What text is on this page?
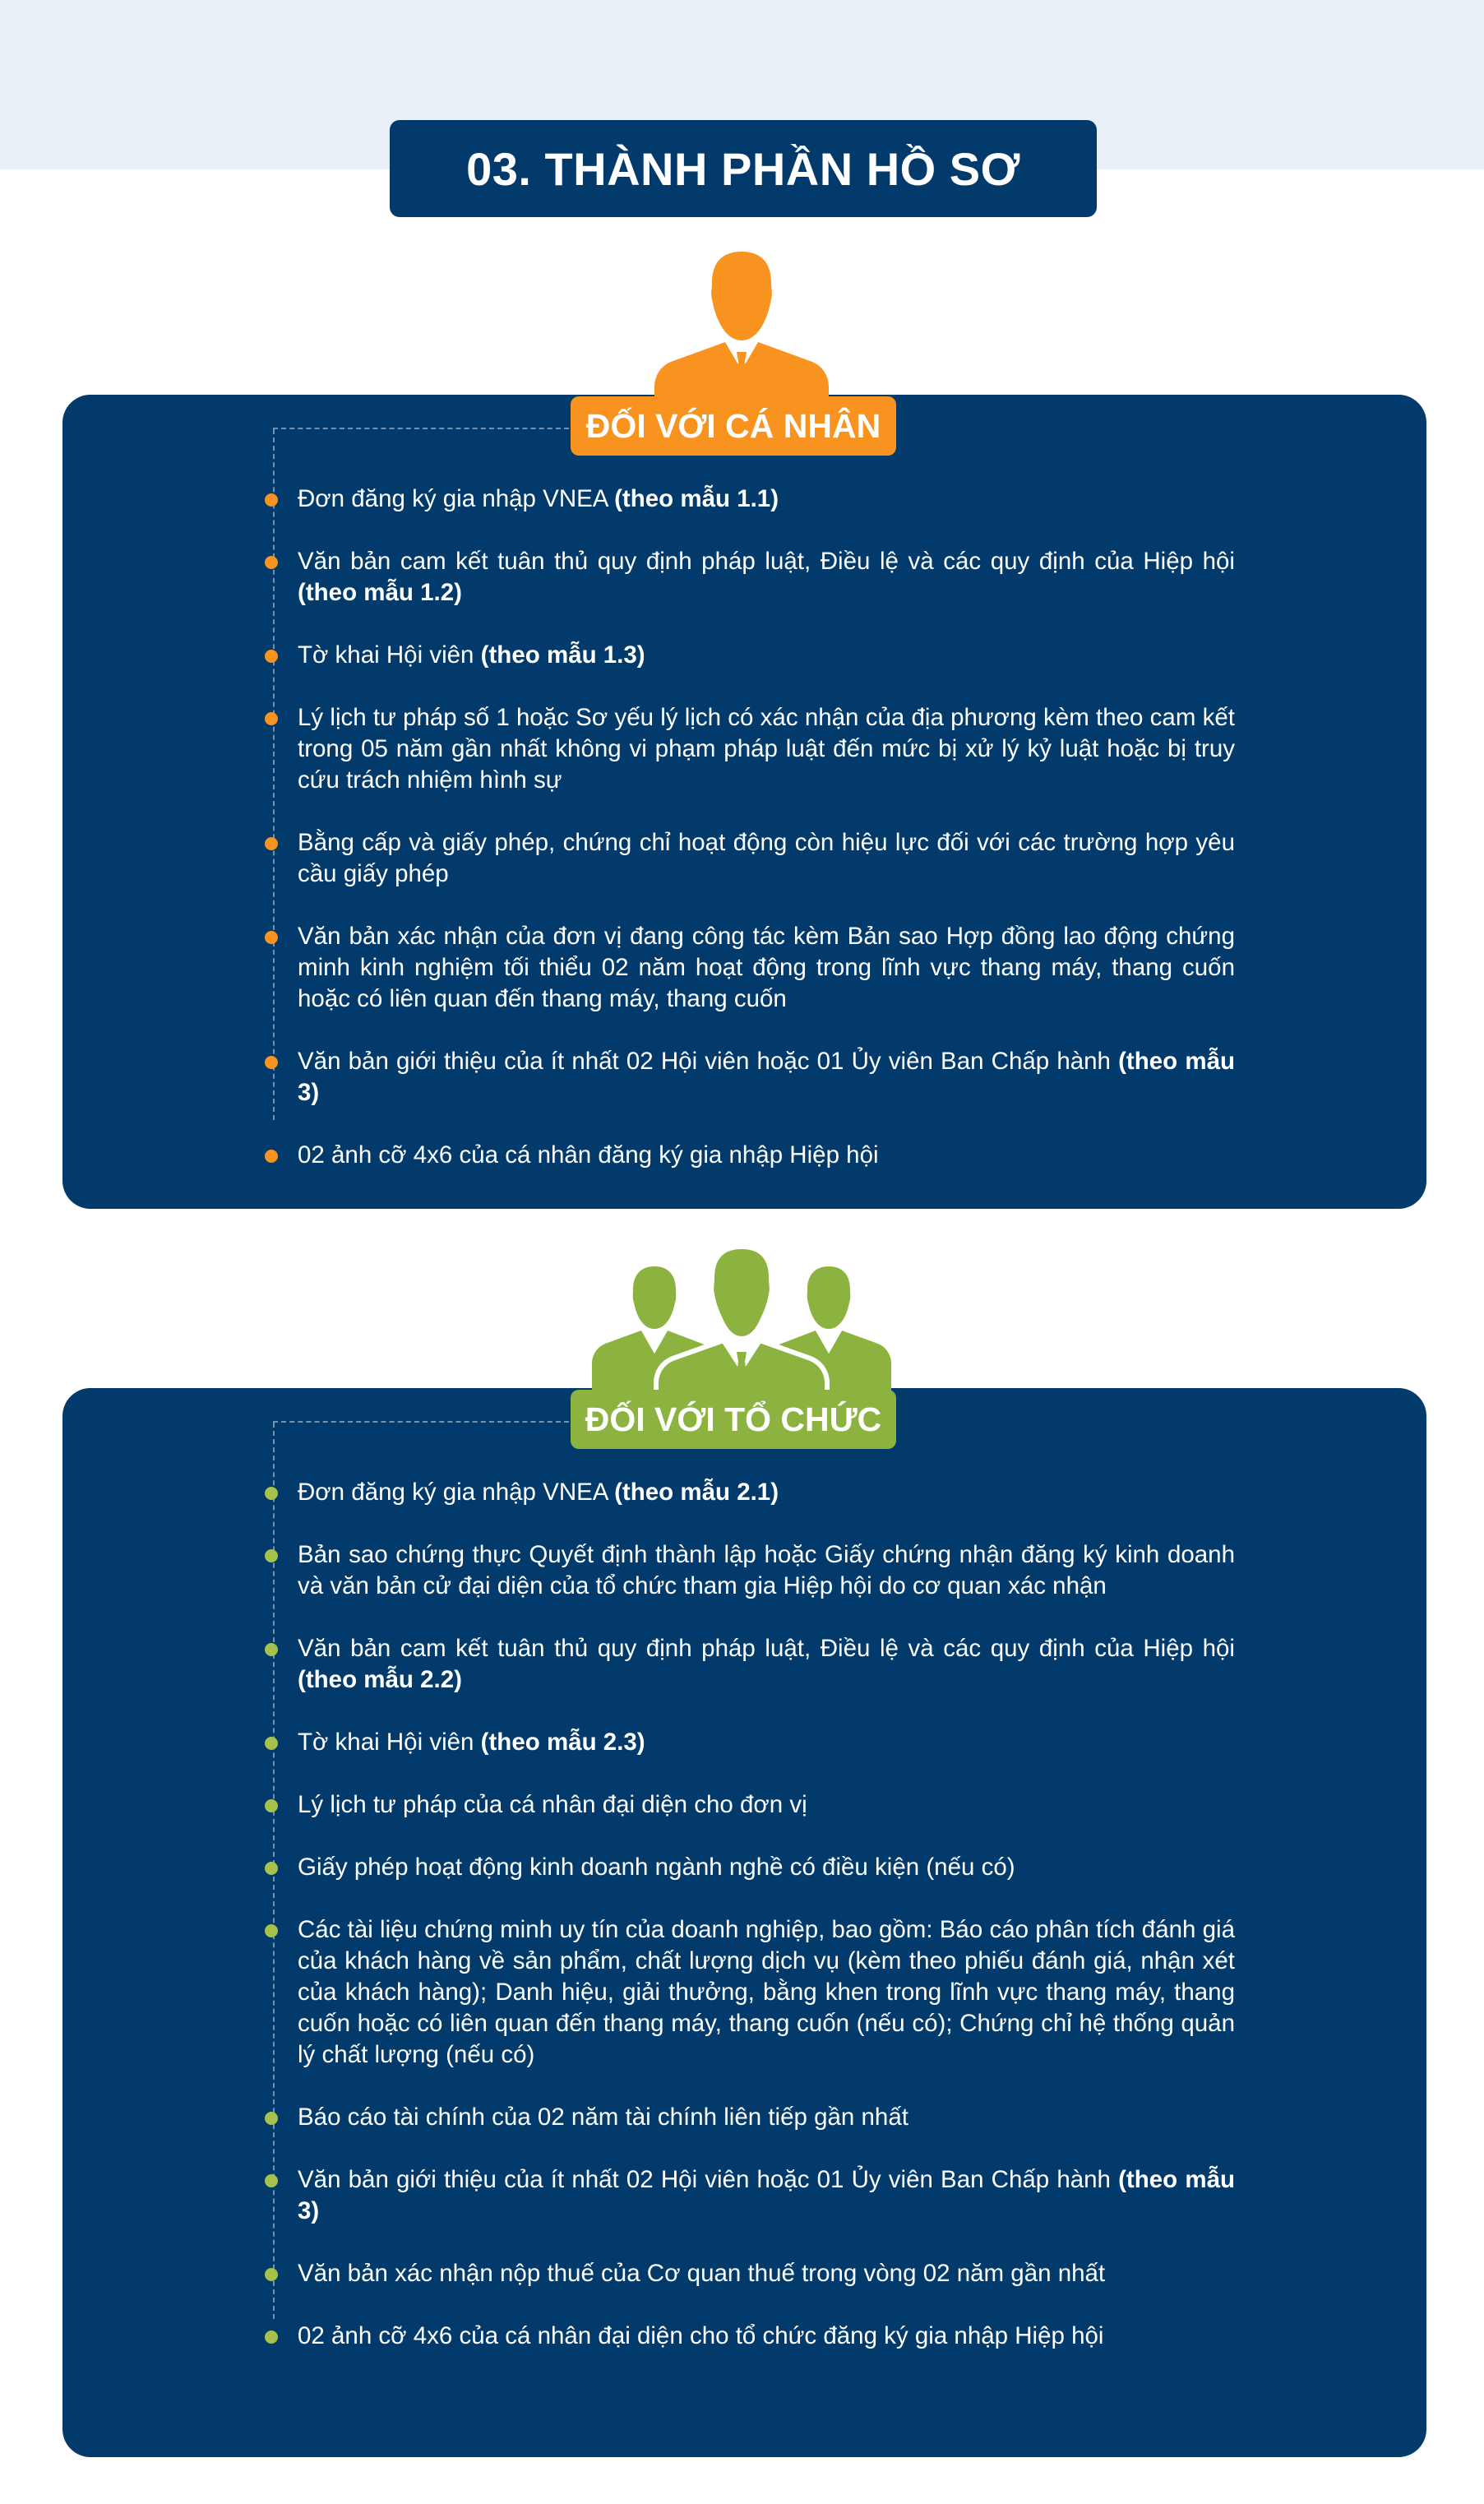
03. THÀNH PHẦN HỒ SƠ
ĐỐI VỚI CÁ NHÂN
Đơn đăng ký gia nhập VNEA (theo mẫu 1.1)
Văn bản cam kết tuân thủ quy định pháp luật, Điều lệ và các quy định của Hiệp hội (theo mẫu 1.2)
Tờ khai Hội viên (theo mẫu 1.3)
Lý lịch tư pháp số 1 hoặc Sơ yếu lý lịch có xác nhận của địa phương kèm theo cam kết trong 05 năm gần nhất không vi phạm pháp luật đến mức bị xử lý kỷ luật hoặc bị truy cứu trách nhiệm hình sự
Bằng cấp và giấy phép, chứng chỉ hoạt động còn hiệu lực đối với các trường hợp yêu cầu giấy phép
Văn bản xác nhận của đơn vị đang công tác kèm Bản sao Hợp đồng lao động chứng minh kinh nghiệm tối thiểu 02 năm hoạt động trong lĩnh vực thang máy, thang cuốn hoặc có liên quan đến thang máy, thang cuốn
Văn bản giới thiệu của ít nhất 02 Hội viên hoặc 01 Ủy viên Ban Chấp hành (theo mẫu 3)
02 ảnh cỡ 4x6 của cá nhân đăng ký gia nhập Hiệp hội
ĐỐI VỚI TỔ CHỨC
Đơn đăng ký gia nhập VNEA (theo mẫu 2.1)
Bản sao chứng thực Quyết định thành lập hoặc Giấy chứng nhận đăng ký kinh doanh và văn bản cử đại diện của tổ chức tham gia Hiệp hội do cơ quan xác nhận
Văn bản cam kết tuân thủ quy định pháp luật, Điều lệ và các quy định của Hiệp hội (theo mẫu 2.2)
Tờ khai Hội viên (theo mẫu 2.3)
Lý lịch tư pháp của cá nhân đại diện cho đơn vị
Giấy phép hoạt động kinh doanh ngành nghề có điều kiện (nếu có)
Các tài liệu chứng minh uy tín của doanh nghiệp, bao gồm: Báo cáo phân tích đánh giá của khách hàng về sản phẩm, chất lượng dịch vụ (kèm theo phiếu đánh giá, nhận xét của khách hàng); Danh hiệu, giải thưởng, bằng khen trong lĩnh vực thang máy, thang cuốn hoặc có liên quan đến thang máy, thang cuốn (nếu có); Chứng chỉ hệ thống quản lý chất lượng (nếu có)
Báo cáo tài chính của 02 năm tài chính liên tiếp gần nhất
Văn bản giới thiệu của ít nhất 02 Hội viên hoặc 01 Ủy viên Ban Chấp hành (theo mẫu 3)
Văn bản xác nhận nộp thuế của Cơ quan thuế trong vòng 02 năm gần nhất
02 ảnh cỡ 4x6 của cá nhân đại diện cho tổ chức đăng ký gia nhập Hiệp hội
